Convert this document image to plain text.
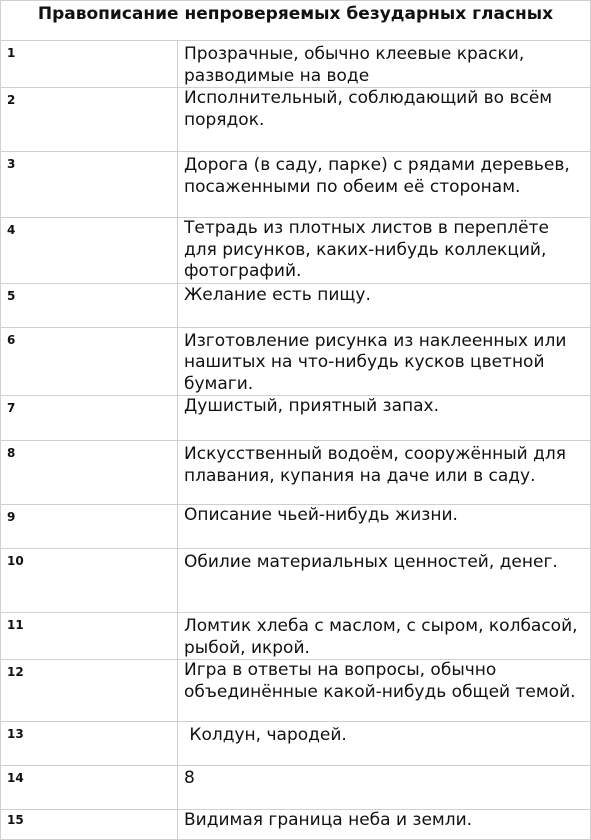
Правописание непроверяемых безударных гласных
1	Прозрачные, обычно клеевые краски, разводимые на воде
2	Исполнительный, соблюдающий во всём порядок.
3	Дорога (в саду, парке) с рядами деревьев, посаженными по обеим её сторонам.
4	Тетрадь из плотных листов в переплёте для рисунков, каких-нибудь коллекций, фотографий.
5	Желание есть пищу.
6	Изготовление рисунка из наклеенных или нашитых на что-нибудь кусков цветной бумаги.
7	Душистый, приятный запах.
8	Искусственный водоём, сооружённый для плавания, купания на даче или в саду.
9	Описание чьей-нибудь жизни.
10	Обилие материальных ценностей, денег.
11	Ломтик хлеба с маслом, с сыром, колбасой, рыбой, икрой.
12	Игра в ответы на вопросы, обычно объединённые какой-нибудь общей темой.
13	Колдун, чародей.
14	8
15	Видимая граница неба и земли.
